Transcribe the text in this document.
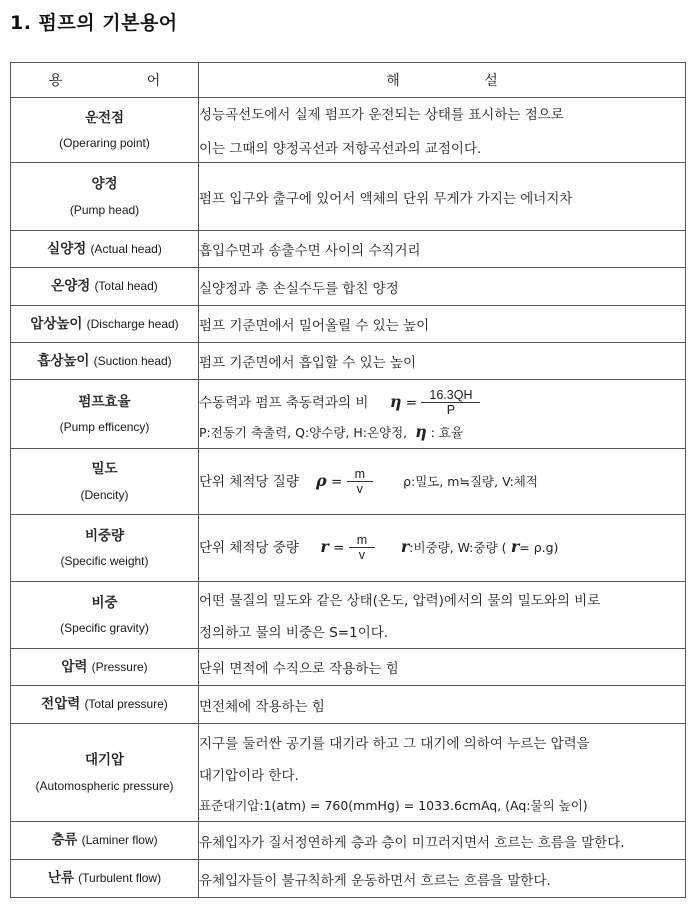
1. 펌프의 기본용어
용 어	해 설
운전점
(Operaring point)	성능곡선도에서 실제 펌프가 운전되는 상태를 표시하는 점으로
이는 그때의 양정곡선과 저항곡선과의 교점이다.

양정
(Pump head)	펌프 입구와 출구에 있어서 액체의 단위 무게가 가지는 에너지차

실양정 (Actual head)	흡입수면과 송출수면 사이의 수직거리

온양정 (Total head)	실양정과 총 손실수두를 합친 양정

압상높이 (Discharge head)	펌프 기준면에서 밀어올릴 수 있는 높이

흡상높이 (Suction head)	펌프 기준면에서 흡입할 수 있는 높이

펌프효율
(Pump efficency)	수동력과 펌프 축동력과의 비 $\eta = \frac{16.3QH}{P}$
P:전동기 축출력, Q:양수량, H:온양정, η : 효율

밀도
(Dencity)	단위 체적당 질량 $\rho = \frac{m}{v} \rho$:밀도, m≒질량, V:체적

비중량
(Specific weight)	단위 체적당 중량 $r = \frac{m}{v} r$:비중량, W:중량 ( r= ρ.g)

비중
(Specific gravity)	어떤 물질의 밀도와 같은 상태(온도, 압력)에서의 물의 밀도와의 비로
정의하고 물의 비중은 S=1이다.

압력 (Pressure)	단위 면적에 수직으로 작용하는 힘

전압력 (Total pressure)	면전체에 작용하는 힘

대기압
(Automospheric pressure)	지구를 둘러싼 공기를 대기라 하고 그 대기에 의하여 누르는 압력을
대기압이라 한다.
표준대기압:1(atm) = 760(mmHg) = 1033.6cmAq, (Aq:물의 높이)

층류 (Laminer flow)	유체입자가 질서정연하게 층과 층이 미끄러지면서 흐르는 흐름을 말한다.

난류 (Turbulent flow)	유체입자들이 불규칙하게 운동하면서 흐르는 흐름을 말한다.
